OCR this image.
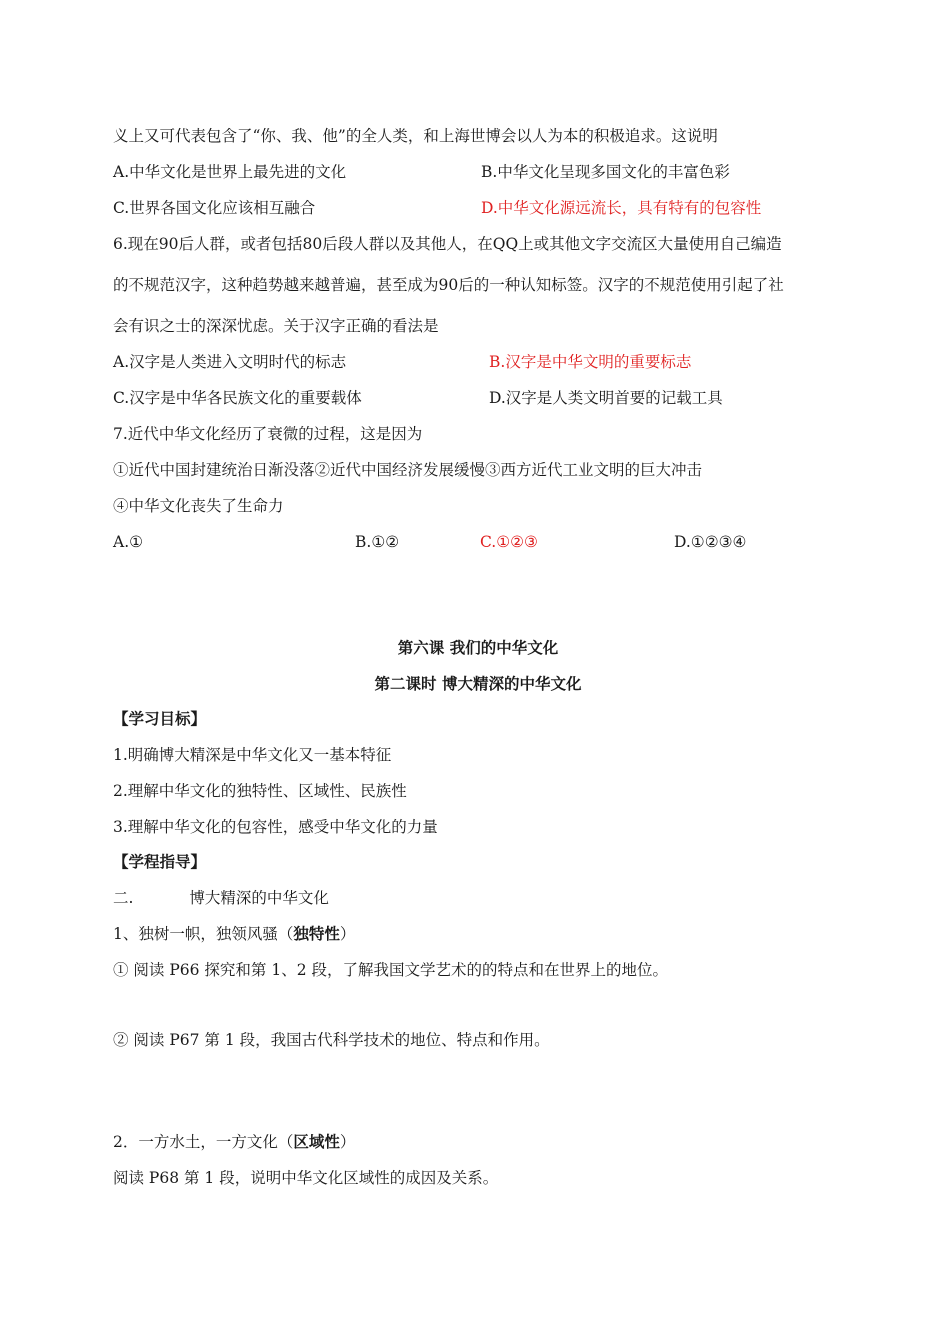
义上又可代表包含了“你、我、他”的全人类，和上海世博会以人为本的积极追求。这说明
A.中华文化是世界上最先进的文化	B.中华文化呈现多国文化的丰富色彩
C.世界各国文化应该相互融合	D.中华文化源远流长，具有特有的包容性
6.现在90后人群，或者包括80后段人群以及其他人，在QQ上或其他文字交流区大量使用自己编造
的不规范汉字，这种趋势越来越普遍，甚至成为90后的一种认知标签。汉字的不规范使用引起了社
会有识之士的深深忧虑。关于汉字正确的看法是
A.汉字是人类进入文明时代的标志	B.汉字是中华文明的重要标志
C.汉字是中华各民族文化的重要载体	D.汉字是人类文明首要的记载工具
7.近代中华文化经历了衰微的过程，这是因为
①近代中国封建统治日渐没落②近代中国经济发展缓慢③西方近代工业文明的巨大冲击
④中华文化丧失了生命力
A.①	B.①②	C.①②③	D.①②③④
第六课 我们的中华文化
第二课时 博大精深的中华文化
【学习目标】
1.明确博大精深是中华文化又一基本特征
2.理解中华文化的独特性、区域性、民族性
3.理解中华文化的包容性，感受中华文化的力量
【学程指导】
二.	博大精深的中华文化
1、独树一帜，独领风骚（独特性）
① 阅读 P66 探究和第 1、2 段，了解我国文学艺术的的特点和在世界上的地位。
② 阅读 P67 第 1 段，我国古代科学技术的地位、特点和作用。
2．一方水土，一方文化（区域性）
阅读 P68 第 1 段，说明中华文化区域性的成因及关系。
